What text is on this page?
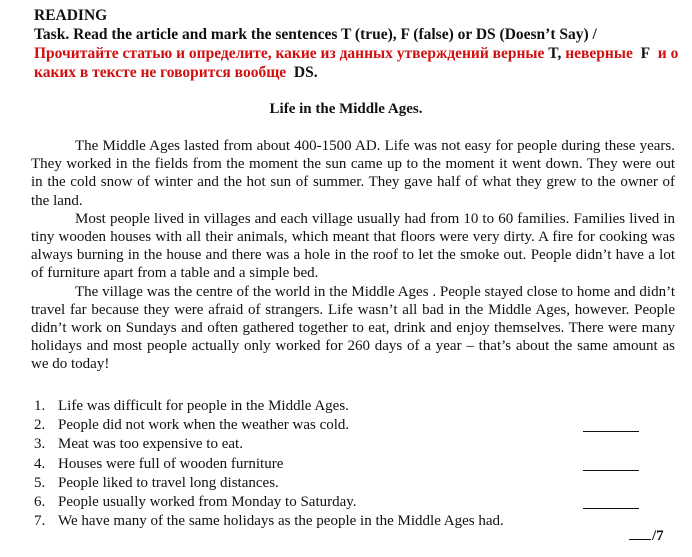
READING
Task. Read the article and mark the sentences T (true), F (false) or DS (Doesn’t Say) / Прочитайте статью и определите, какие из данных утверждений верные T, неверные F и о каких в тексте не говорится вообще DS.
Life in the Middle Ages.

The Middle Ages lasted from about 400-1500 AD. Life was not easy for people during these years. They worked in the fields from the moment the sun came up to the moment it went down. They were out in the cold snow of winter and the hot sun of summer. They gave half of what they grew to the owner of the land.

Most people lived in villages and each village usually had from 10 to 60 families. Families lived in tiny wooden houses with all their animals, which meant that floors were very dirty. A fire for cooking was always burning in the house and there was a hole in the roof to let the smoke out. People didn’t have a lot of furniture apart from a table and a simple bed.

The village was the centre of the world in the Middle Ages . People stayed close to home and didn’t travel far because they were afraid of strangers. Life wasn’t all bad in the Middle Ages, however. People didn’t work on Sundays and often gathered together to eat, drink and enjoy themselves. There were many holidays and most people actually only worked for 260 days of a year – that’s about the same amount as we do today!

1. Life was difficult for people in the Middle Ages.
2. People did not work when the weather was cold.
3. Meat was too expensive to eat.
4. Houses were full of wooden furniture
5. People liked to travel long distances.
6. People usually worked from Monday to Saturday.
7. We have many of the same holidays as the people in the Middle Ages had.
/7
